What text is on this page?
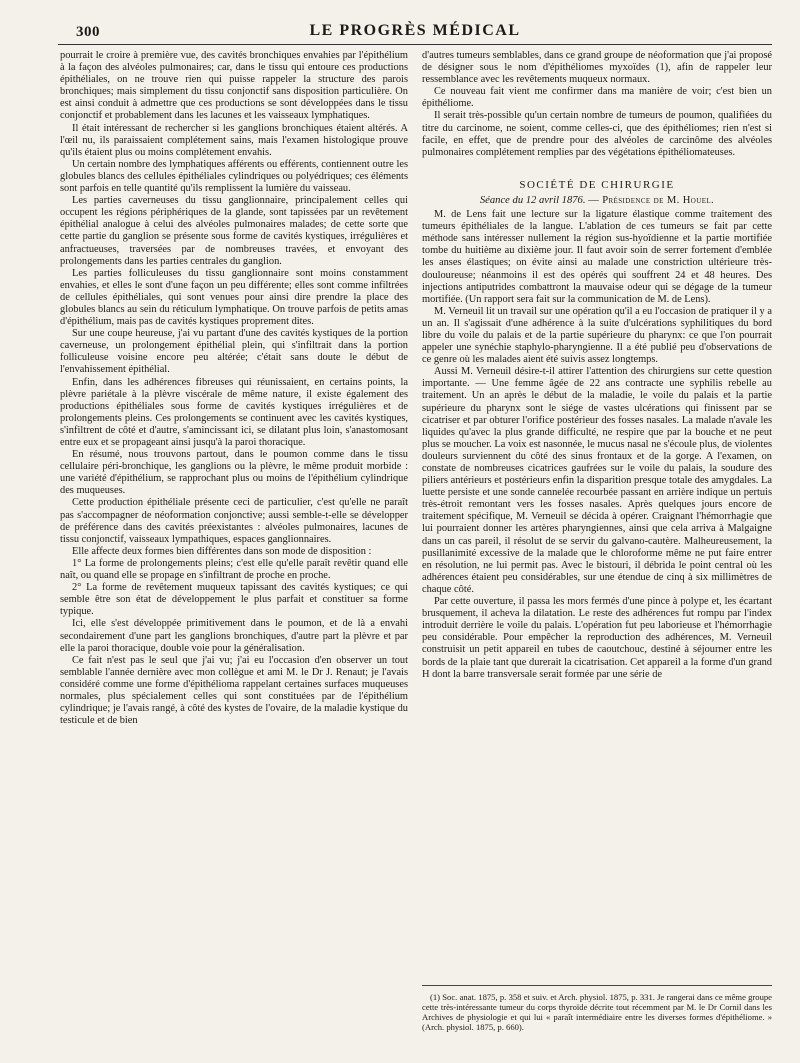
300	LE PROGRÈS MÉDICAL

pourrait le croire à première vue, des cavités bronchiques envahies par l'épithélium à la façon des alvéoles pulmonaires; car, dans le tissu qui entoure ces productions épithéliales, on ne trouve rien qui puisse rappeler la structure des parois bronchiques; mais simplement du tissu conjonctif sans disposition particulière. On est ainsi conduit à admettre que ces productions se sont développées dans le tissu conjonctif et probablement dans les lacunes et les vaisseaux lymphatiques.

Il était intéressant de rechercher si les ganglions bronchiques étaient altérés. A l'œil nu, ils paraissaient complétement sains, mais l'examen histologique prouve qu'ils étaient plus ou moins complétement envahis.

Un certain nombre des lymphatiques afférents ou efférents, contiennent outre les globules blancs des cellules épithéliales cylindriques ou polyédriques; ces éléments sont parfois en telle quantité qu'ils remplissent la lumière du vaisseau.

Les parties caverneuses du tissu ganglionnaire, principalement celles qui occupent les régions périphériques de la glande, sont tapissées par un revêtement épithélial analogue à celui des alvéoles pulmonaires malades; de cette sorte que cette partie du ganglion se présente sous forme de cavités kystiques, irrégulières et anfractueuses, traversées par de nombreuses travées, et envoyant des prolongements dans les parties centrales du ganglion.

Les parties folliculeuses du tissu ganglionnaire sont moins constamment envahies, et elles le sont d'une façon un peu différente; elles sont comme infiltrées de cellules épithéliales, qui sont venues pour ainsi dire prendre la place des globules blancs au sein du réticulum lymphatique. On trouve parfois de petits amas d'épithélium, mais pas de cavités kystiques proprement dites.

Sur une coupe heureuse, j'ai vu partant d'une des cavités kystiques de la portion caverneuse, un prolongement épithélial plein, qui s'infiltrait dans la portion folliculeuse voisine encore peu altérée; c'était sans doute le début de l'envahissement épithélial.

Enfin, dans les adhérences fibreuses qui réunissaient, en certains points, la plèvre pariétale à la plèvre viscérale de même nature, il existe également des productions épithéliales sous forme de cavités kystiques irrégulières et de prolongements pleins. Ces prolongements se continuent avec les cavités kystiques, s'infiltrent de côté et d'autre, s'amincissant ici, se dilatant plus loin, s'anastomosant entre eux et se propageant ainsi jusqu'à la paroi thoracique.

En résumé, nous trouvons partout, dans le poumon comme dans le tissu cellulaire péri-bronchique, les ganglions ou la plèvre, le même produit morbide : une variété d'épithélium, se rapprochant plus ou moins de l'épithélium cylindrique des muqueuses.

Cette production épithéliale présente ceci de particulier, c'est qu'elle ne paraît pas s'accompagner de néoformation conjonctive; aussi semble-t-elle se développer de préférence dans des cavités préexistantes : alvéoles pulmonaires, lacunes de tissu conjonctif, vaisseaux lympathiques, espaces ganglionnaires.

Elle affecte deux formes bien différentes dans son mode de disposition :

1° La forme de prolongements pleins; c'est elle qu'elle paraît revêtir quand elle naît, ou quand elle se propage en s'infiltrant de proche en proche.

2° La forme de revêtement muqueux tapissant des cavités kystiques; ce qui semble être son état de développement le plus parfait et constituer sa forme typique.

Ici, elle s'est développée primitivement dans le poumon, et de là a envahi secondairement d'une part les ganglions bronchiques, d'autre part la plèvre et par elle la paroi thoracique, double voie pour la généralisation.

Ce fait n'est pas le seul que j'ai vu; j'ai eu l'occasion d'en observer un tout semblable l'année dernière avec mon collègue et ami M. le Dr J. Renaut; je l'avais considéré comme une forme d'épithélioma rappelant certaines surfaces muqueuses normales, plus spécialement celles qui sont constituées par de l'épithélium cylindrique; je l'avais rangé, à côté des kystes de l'ovaire, de la maladie kystique du testicule et de bien

d'autres tumeurs semblables, dans ce grand groupe de néoformation que j'ai proposé de désigner sous le nom d'épithéliomes myxoïdes (1), afin de rappeler leur ressemblance avec les revêtements muqueux normaux.

Ce nouveau fait vient me confirmer dans ma manière de voir; c'est bien un épithéliome.

Il serait très-possible qu'un certain nombre de tumeurs de poumon, qualifiées du titre du carcinome, ne soient, comme celles-ci, que des épithéliomes; rien n'est si facile, en effet, que de prendre pour des alvéoles de carcinôme des alvéoles pulmonaires complétement remplies par des végétations épithéliomateuses.

SOCIÉTÉ DE CHIRURGIE
Séance du 12 avril 1876. — Présidence de M. Houel.

M. de Lens fait une lecture sur la ligature élastique comme traitement des tumeurs épithéliales de la langue. L'ablation de ces tumeurs se fait par cette méthode sans intéresser nullement la région sus-hyoïdienne et la partie mortifiée tombe du huitième au dixième jour. Il faut avoir soin de serrer fortement d'emblée les anses élastiques; on évite ainsi au malade une constriction ultérieure très-douloureuse; néanmoins il est des opérés qui souffrent 24 et 48 heures. Des injections antiputrides combattront la mauvaise odeur qui se dégage de la tumeur mortifiée. (Un rapport sera fait sur la communication de M. de Lens).

M. Verneuil lit un travail sur une opération qu'il a eu l'occasion de pratiquer il y a un an. Il s'agissait d'une adhérence à la suite d'ulcérations syphilitiques du bord libre du voile du palais et de la partie supérieure du pharynx: ce que l'on pourrait appeler une synéchie staphylo-pharyngienne. Il a été publié peu d'observations de ce genre où les malades aient été suivis assez longtemps.

Aussi M. Verneuil désire-t-il attirer l'attention des chirurgiens sur cette question importante. — Une femme âgée de 22 ans contracte une syphilis rebelle au traitement. Un an après le début de la maladie, le voile du palais et la partie supérieure du pharynx sont le siége de vastes ulcérations qui finissent par se cicatriser et par obturer l'orifice postérieur des fosses nasales. La malade n'avale les liquides qu'avec la plus grande difficulté, ne respire que par la bouche et ne peut plus se moucher. La voix est nasonnée, le mucus nasal ne s'écoule plus, de violentes douleurs surviennent du côté des sinus frontaux et de la gorge. A l'examen, on constate de nombreuses cicatrices gaufrées sur le voile du palais, la soudure des piliers antérieurs et postérieurs enfin la disparition presque totale des amygdales. La luette persiste et une sonde cannelée recourbée passant en arrière indique un pertuis très-étroit remontant vers les fosses nasales. Après quelques jours encore de traitement spécifique, M. Verneuil se décida à opérer. Craignant l'hémorrhagie que lui pourraient donner les artères pharyngiennes, ainsi que cela arriva à Malgaigne dans un cas pareil, il résolut de se servir du galvano-cautère. Malheureusement, la pusillanimité excessive de la malade que le chloroforme même ne put faire entrer en résolution, ne lui permit pas. Avec le bistouri, il débrida le point central où les adhérences étaient peu considérables, sur une étendue de cinq à six millimètres de chaque côté.

Par cette ouverture, il passa les mors fermés d'une pince à polype et, les écartant brusquement, il acheva la dilatation. Le reste des adhérences fut rompu par l'index introduit derrière le voile du palais. L'opération fut peu laborieuse et l'hémorrhagie peu considérable. Pour empêcher la reproduction des adhérences, M. Verneuil construisit un petit appareil en tubes de caoutchouc, destiné à séjourner entre les bords de la plaie tant que durerait la cicatrisation. Cet appareil a la forme d'un grand H dont la barre transversale serait formée par une série de

(1) Soc. anat. 1875, p. 358 et suiv. et Arch. physiol. 1875, p. 331. Je rangerai dans ce même groupe cette très-intéressante tumeur du corps thyroïde décrite tout récemment par M. le Dr Cornil dans les Archives de physiologie et qui lui « paraît intermédiaire entre les diverses formes d'épithéliome. » (Arch. physiol. 1875, p. 660).
